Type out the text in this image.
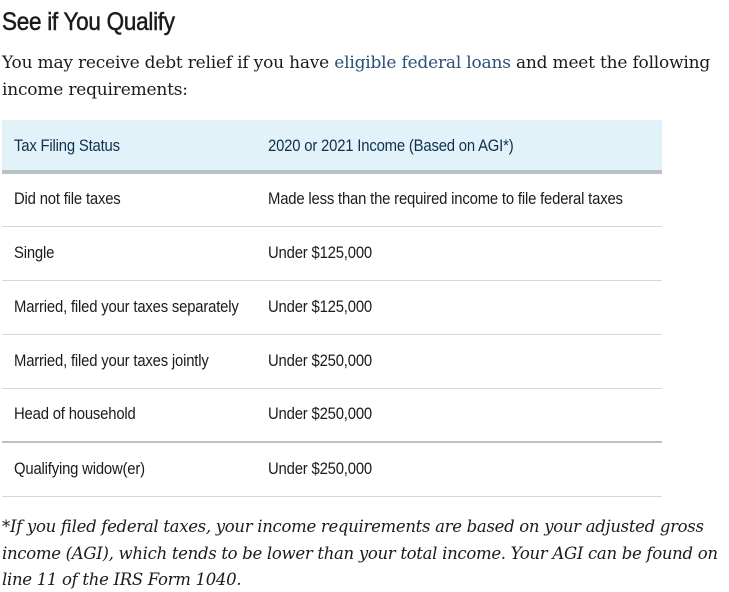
See if You Qualify

You may receive debt relief if you have eligible federal loans and meet the following income requirements:

Tax Filing Status	2020 or 2021 Income (Based on AGI*)
Did not file taxes	Made less than the required income to file federal taxes
Single	Under $125,000
Married, filed your taxes separately	Under $125,000
Married, filed your taxes jointly	Under $250,000
Head of household	Under $250,000
Qualifying widow(er)	Under $250,000

*If you filed federal taxes, your income requirements are based on your adjusted gross income (AGI), which tends to be lower than your total income. Your AGI can be found on line 11 of the IRS Form 1040.
